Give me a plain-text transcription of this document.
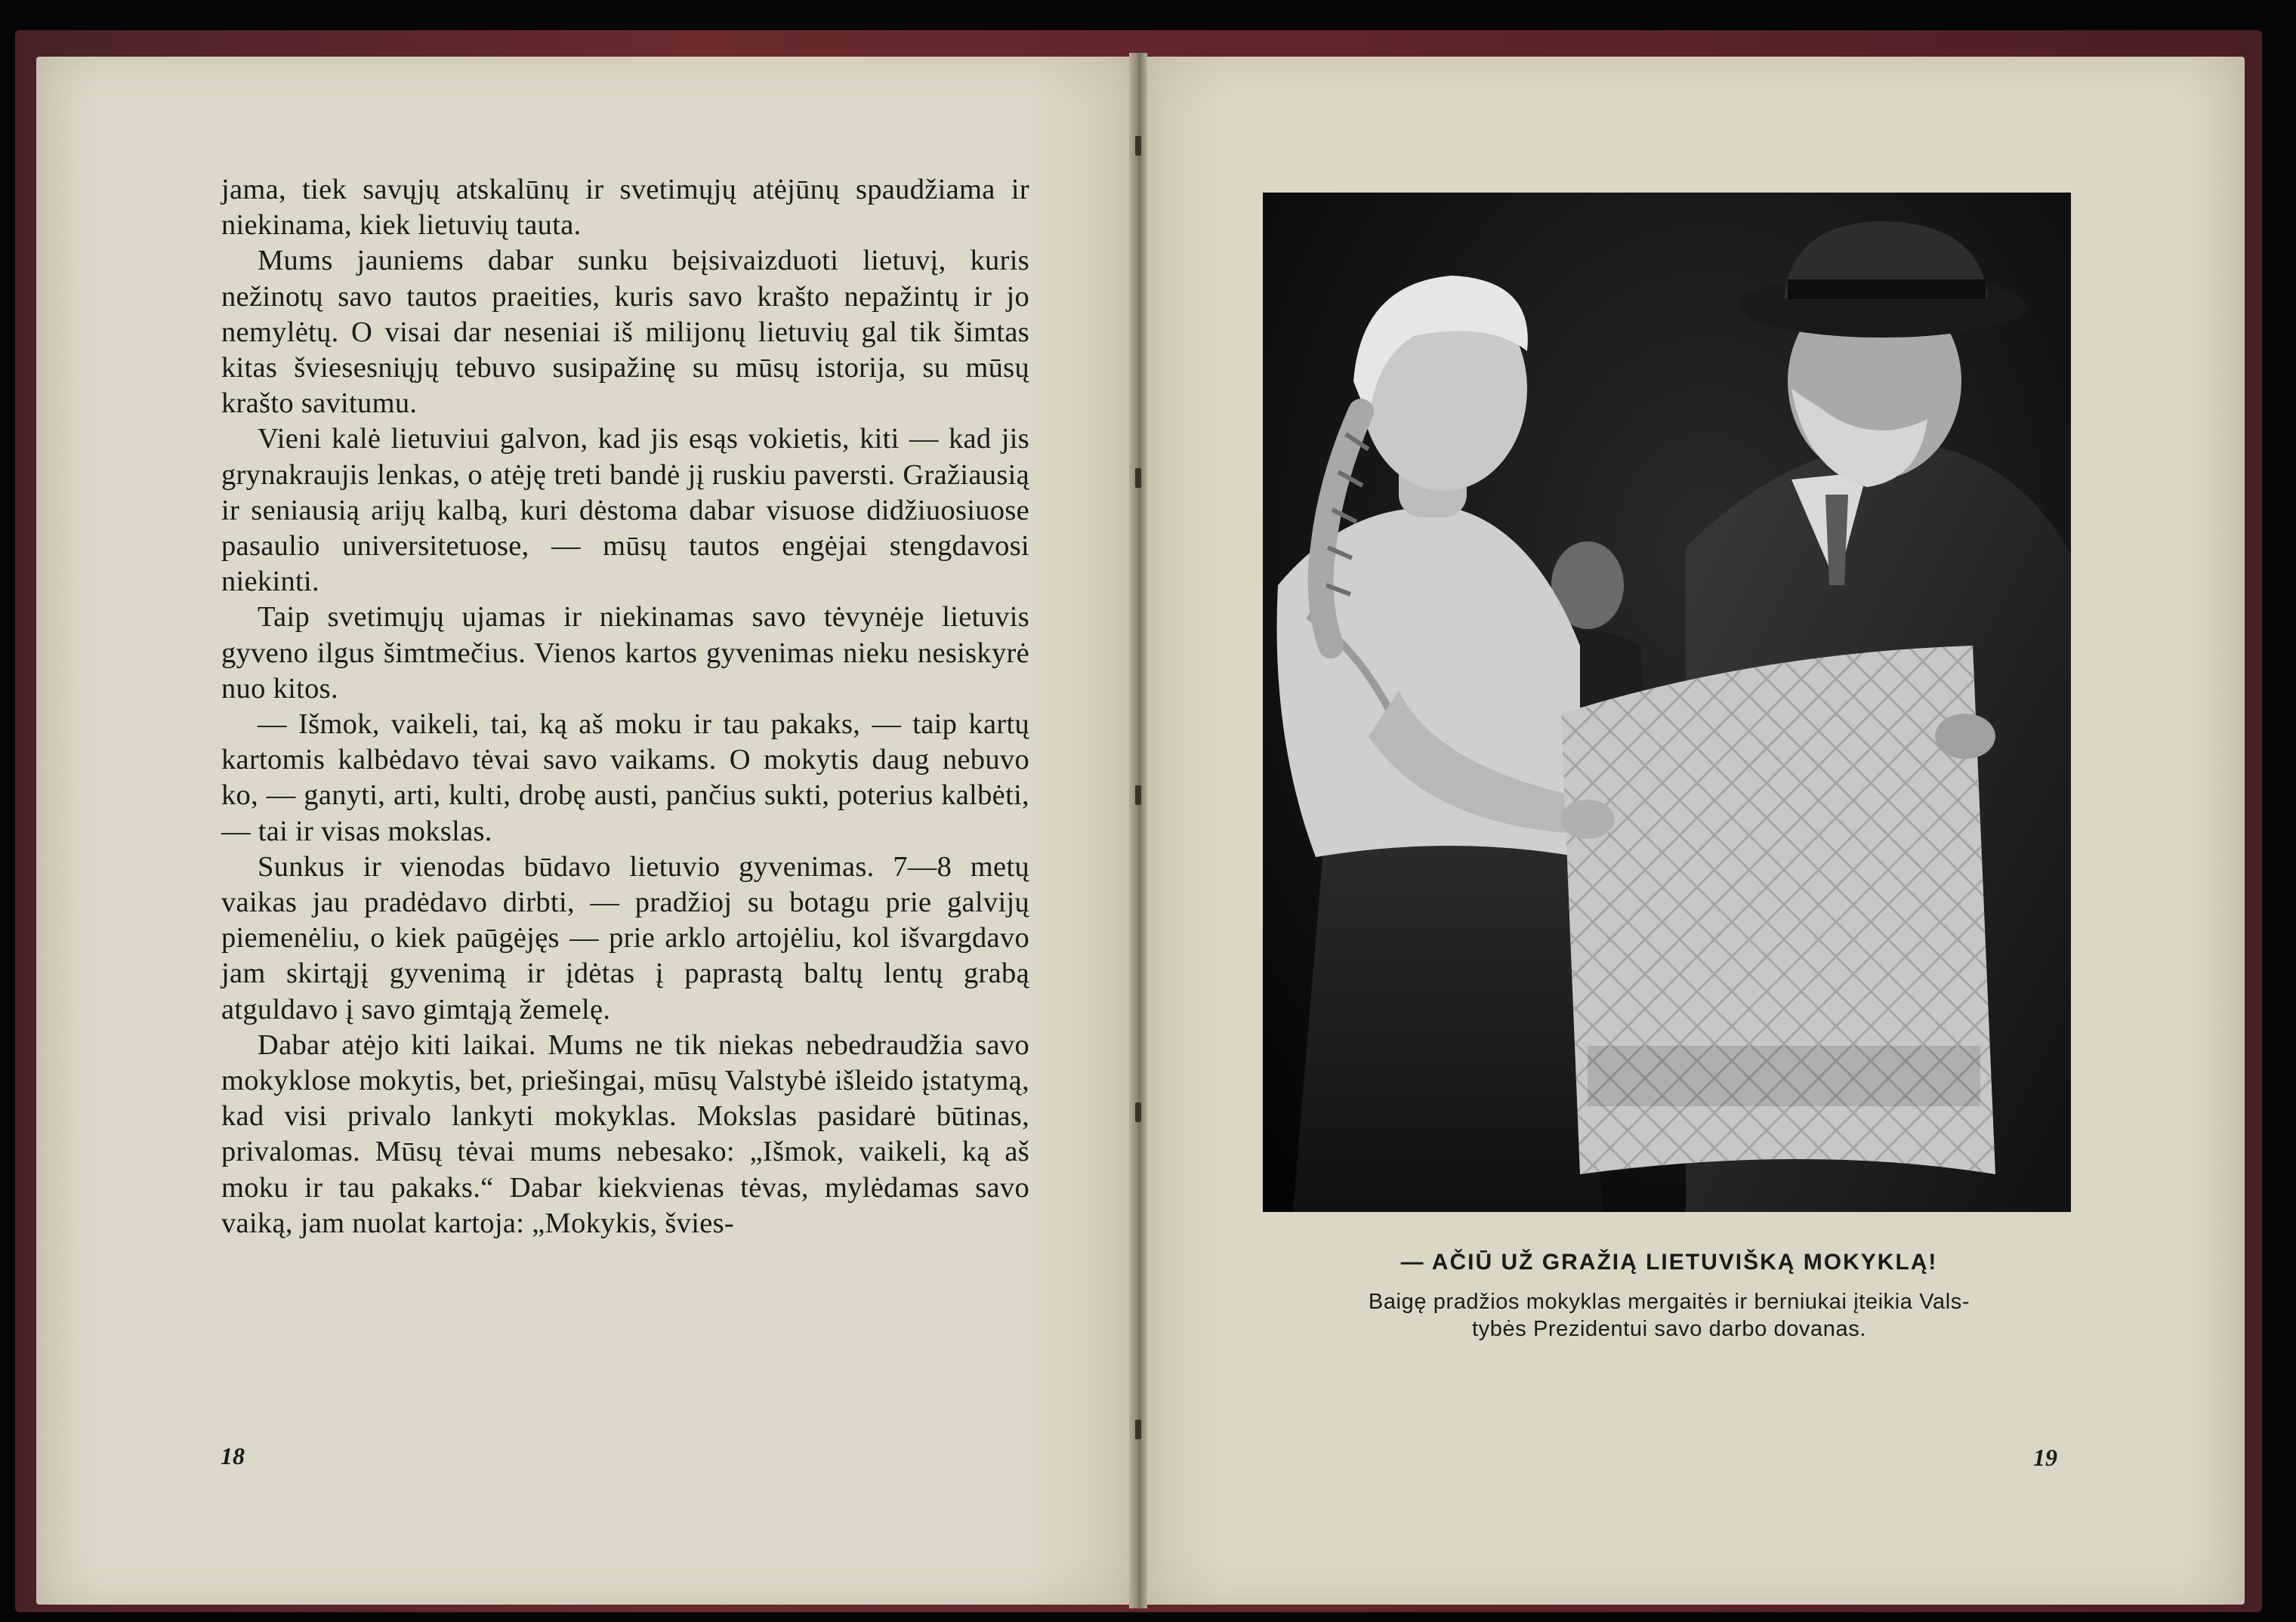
jama, tiek savųjų atskalūnų ir svetimųjų atėjūnų spaudžiama ir niekinama, kiek lietuvių tauta.

Mums jauniems dabar sunku beįsivaizduoti lietuvį, kuris nežinotų savo tautos praeities, kuris savo krašto nepažintų ir jo nemylėtų. O visai dar neseniai iš milijonų lietuvių gal tik šimtas kitas šviesesniųjų tebuvo susipažinę su mūsų istorija, su mūsų krašto savitumu.

Vieni kalė lietuviui galvon, kad jis esąs vokietis, kiti — kad jis grynakraujis lenkas, o atėję treti bandė jį ruskiu paversti. Gražiausią ir seniausią arijų kalbą, kuri dėstoma dabar visuose didžiuosiuose pasaulio universitetuose, — mūsų tautos engėjai stengdavosi niekinti.

Taip svetimųjų ujamas ir niekinamas savo tėvynėje lietuvis gyveno ilgus šimtmečius. Vienos kartos gyvenimas nieku nesiskyrė nuo kitos.

— Išmok, vaikeli, tai, ką aš moku ir tau pakaks, — taip kartų kartomis kalbėdavo tėvai savo vaikams. O mokytis daug nebuvo ko, — ganyti, arti, kulti, drobę austi, pančius sukti, poterius kalbėti, — tai ir visas mokslas.

Sunkus ir vienodas būdavo lietuvio gyvenimas. 7—8 metų vaikas jau pradėdavo dirbti, — pradžioj su botagu prie galvijų piemenėliu, o kiek paūgėjęs — prie arklo artojėliu, kol išvargdavo jam skirtąjį gyvenimą ir įdėtas į paprastą baltų lentų grabą atguldavo į savo gimtąją žemelę.

Dabar atėjo kiti laikai. Mums ne tik niekas nebedraudžia savo mokyklose mokytis, bet, priešingai, mūsų Valstybė išleido įstatymą, kad visi privalo lankyti mokyklas. Mokslas pasidarė būtinas, privalomas. Mūsų tėvai mums nebesako: „Išmok, vaikeli, ką aš moku ir tau pakaks.“ Dabar kiekvienas tėvas, mylėdamas savo vaiką, jam nuolat kartoja: „Mokykis, švies-

18	19
— AČIŪ UŽ GRAŽIĄ LIETUVIŠKĄ MOKYKLĄ!
Baigę pradžios mokyklas mergaitės ir berniukai įteikia Vals-
tybės Prezidentui savo darbo dovanas.
